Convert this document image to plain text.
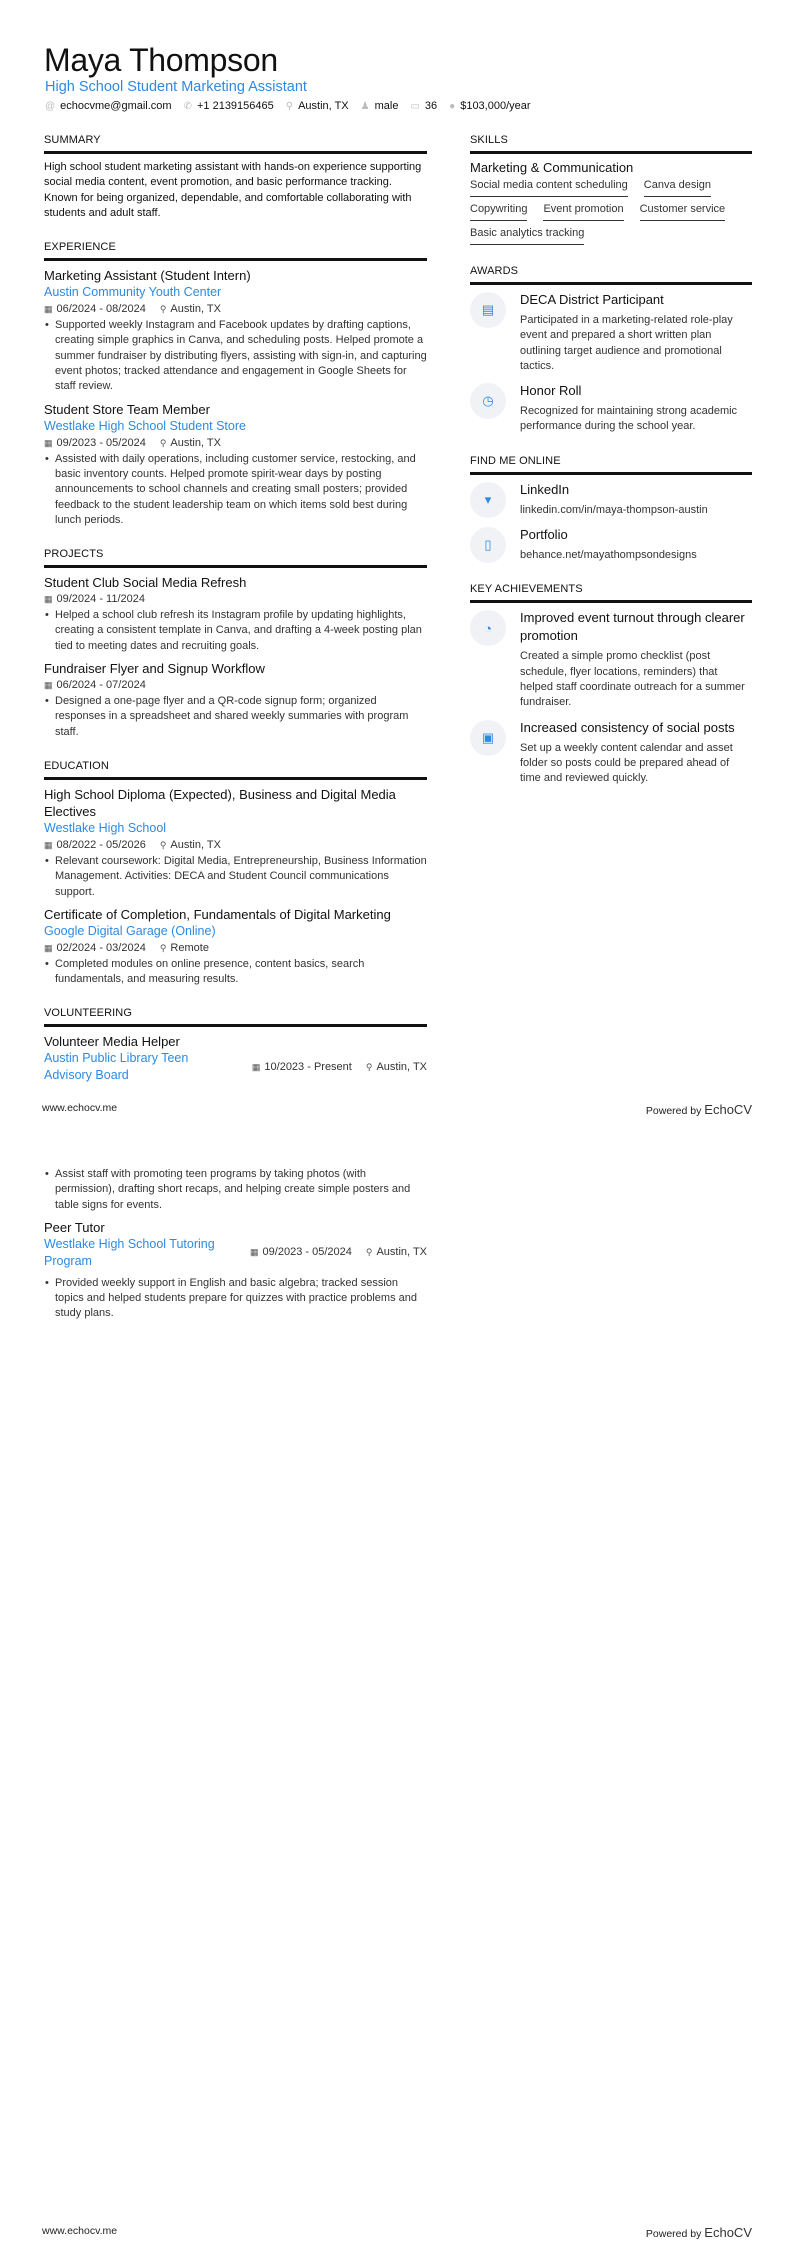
Maya Thompson
High School Student Marketing Assistant
@ echocvme@gmail.com ✆ +1 2139156465 ⚲ Austin, TX ♟ male ▭ 36 ● $103,000/year
SUMMARY
High school student marketing assistant with hands-on experience supporting social media content, event promotion, and basic performance tracking. Known for being organized, dependable, and comfortable collaborating with students and adult staff.
EXPERIENCE
Marketing Assistant (Student Intern)
Austin Community Youth Center
▦ 06/2024 - 08/2024 ⚲ Austin, TX
• Supported weekly Instagram and Facebook updates by drafting captions, creating simple graphics in Canva, and scheduling posts. Helped promote a summer fundraiser by distributing flyers, assisting with sign-in, and capturing event photos; tracked attendance and engagement in Google Sheets for staff review.
Student Store Team Member
Westlake High School Student Store
▦ 09/2023 - 05/2024 ⚲ Austin, TX
• Assisted with daily operations, including customer service, restocking, and basic inventory counts. Helped promote spirit-wear days by posting announcements to school channels and creating small posters; provided feedback to the student leadership team on which items sold best during lunch periods.
PROJECTS
Student Club Social Media Refresh
▦ 09/2024 - 11/2024
• Helped a school club refresh its Instagram profile by updating highlights, creating a consistent template in Canva, and drafting a 4-week posting plan tied to meeting dates and recruiting goals.
Fundraiser Flyer and Signup Workflow
▦ 06/2024 - 07/2024
• Designed a one-page flyer and a QR-code signup form; organized responses in a spreadsheet and shared weekly summaries with program staff.
EDUCATION
High School Diploma (Expected), Business and Digital Media Electives
Westlake High School
▦ 08/2022 - 05/2026 ⚲ Austin, TX
• Relevant coursework: Digital Media, Entrepreneurship, Business Information Management. Activities: DECA and Student Council communications support.
Certificate of Completion, Fundamentals of Digital Marketing
Google Digital Garage (Online)
▦ 02/2024 - 03/2024 ⚲ Remote
• Completed modules on online presence, content basics, search fundamentals, and measuring results.
VOLUNTEERING
Volunteer Media Helper
Austin Public Library Teen Advisory Board
▦ 10/2023 - Present ⚲ Austin, TX
SKILLS
Marketing & Communication
Social media content scheduling Canva design
Copywriting Event promotion Customer service
Basic analytics tracking
AWARDS
▤
DECA District Participant
Participated in a marketing-related role-play event and prepared a short written plan outlining target audience and promotional tactics.
◷
Honor Roll
Recognized for maintaining strong academic performance during the school year.
FIND ME ONLINE
▾
LinkedIn
linkedin.com/in/maya-thompson-austin
▯
Portfolio
behance.net/mayathompsondesigns
KEY ACHIEVEMENTS
◔
Improved event turnout through clearer promotion
Created a simple promo checklist (post schedule, flyer locations, reminders) that helped staff coordinate outreach for a summer fundraiser.
▣
Increased consistency of social posts
Set up a weekly content calendar and asset folder so posts could be prepared ahead of time and reviewed quickly.
www.echocv.me	Powered by EchoCV
• Assist staff with promoting teen programs by taking photos (with permission), drafting short recaps, and helping create simple posters and table signs for events.
Peer Tutor
Westlake High School Tutoring Program
▦ 09/2023 - 05/2024 ⚲ Austin, TX
• Provided weekly support in English and basic algebra; tracked session topics and helped students prepare for quizzes with practice problems and study plans.
www.echocv.me	Powered by EchoCV
